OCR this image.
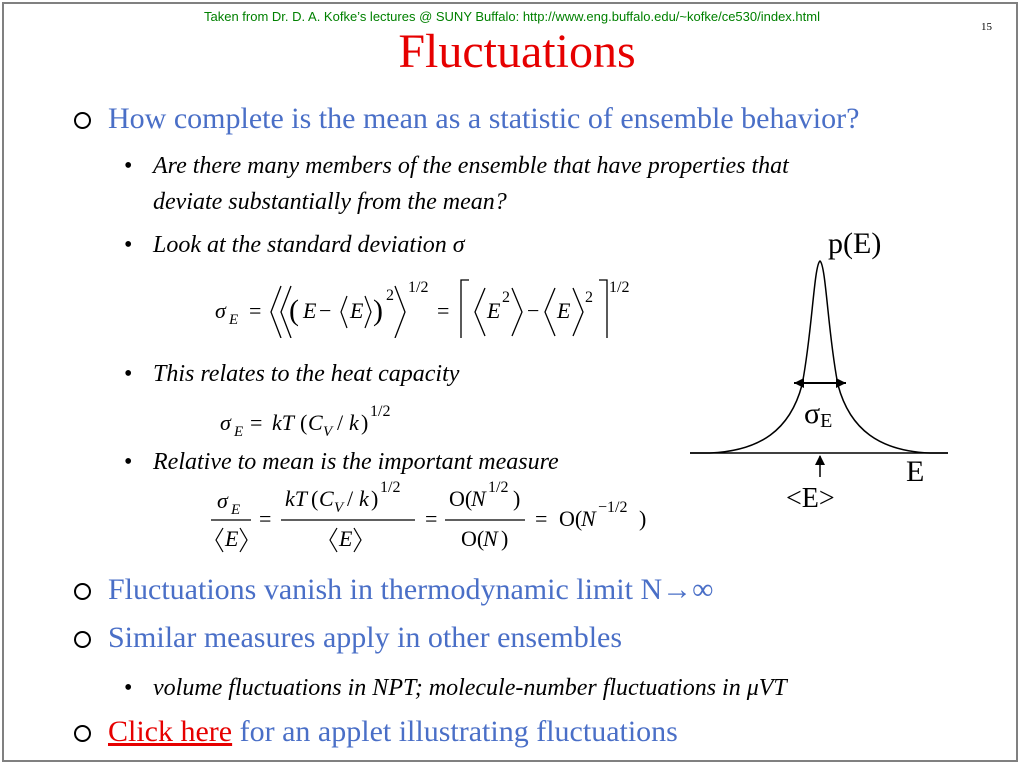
Taken from Dr. D. A. Kofke’s lectures @ SUNY Buffalo: http://www.eng.buffalo.edu/~kofke/ce530/index.html
15
Fluctuations
How complete is the mean as a statistic of ensemble behavior?
• Are there many members of the ensemble that have properties that
deviate substantially from the mean?
• Look at the standard deviation σ
σ E = ( E − E ) 2 1/2
= E
2
− E
2
1/2
• This relates to the heat capacity
σ E = kT ( C V / k ) 1/2
• Relative to mean is the important measure
σ E
E
=
kT ( C V / k ) 1/2
E
=
O(
N 1/2 )
O(
N )
= O(
N −1/2 )
p(E)
σE
E
<E>
Fluctuations vanish in thermodynamic limit N→∞
Similar measures apply in other ensembles
• volume fluctuations in NPT; molecule-number fluctuations in μVT
Click here for an applet illustrating fluctuations
